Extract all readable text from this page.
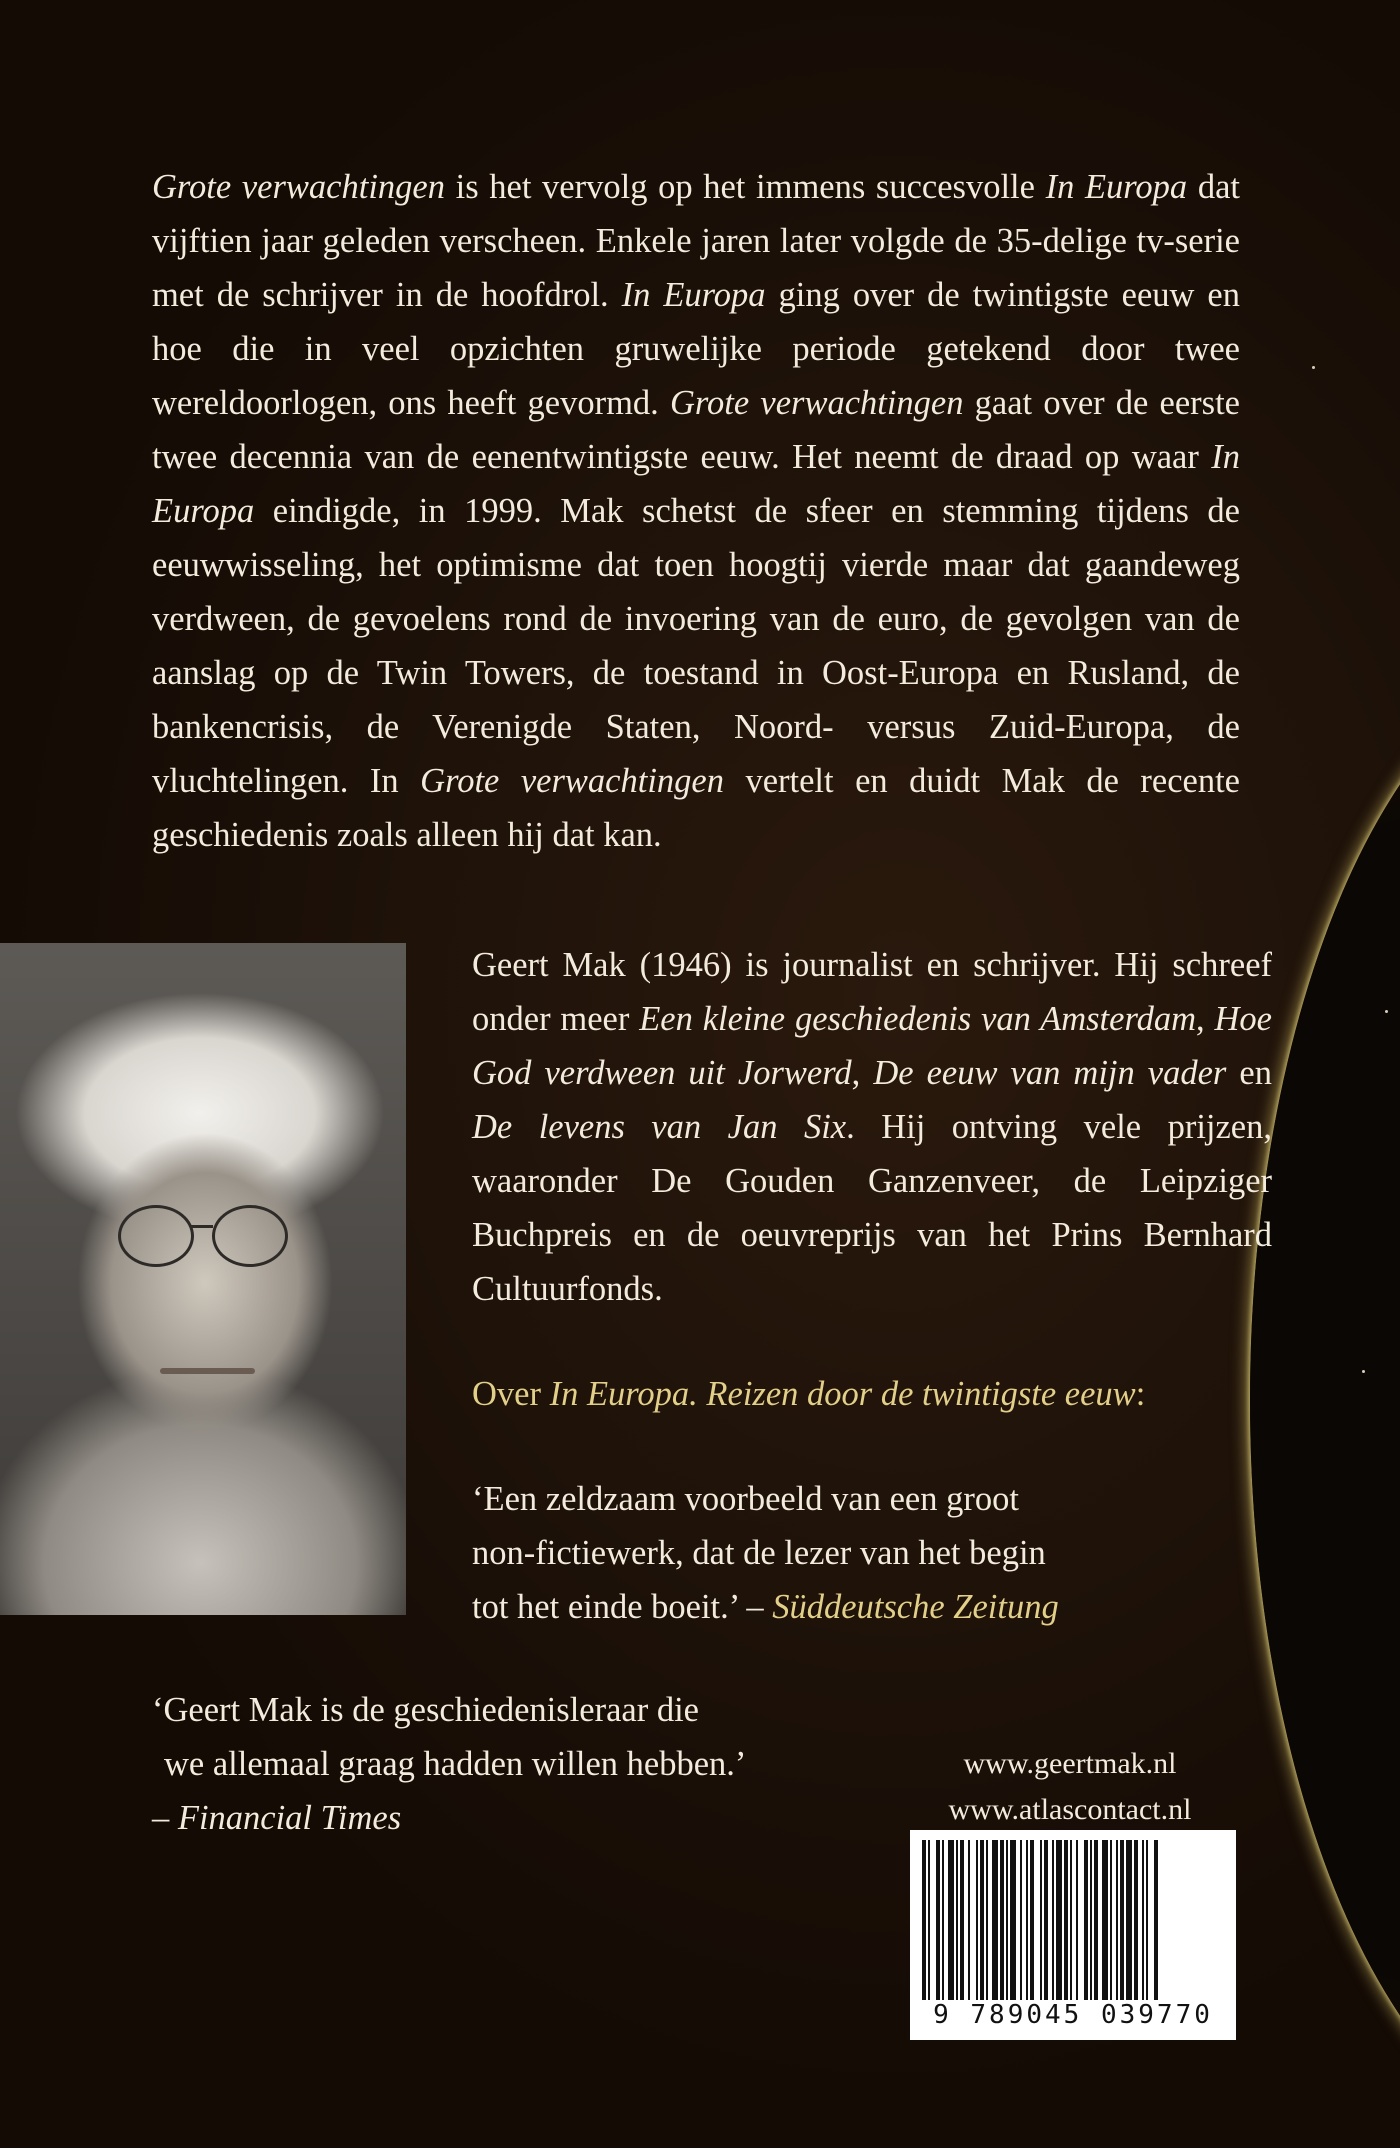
Grote verwachtingen is het vervolg op het immens succesvolle In Europa dat vijftien jaar geleden verscheen. Enkele jaren later volgde de 35-delige tv-serie met de schrijver in de hoofdrol. In Europa ging over de twintigste eeuw en hoe die in veel opzichten gruwelijke periode getekend door twee wereldoorlogen, ons heeft gevormd. Grote verwachtingen gaat over de eerste twee decennia van de eenentwintigste eeuw. Het neemt de draad op waar In Europa eindigde, in 1999. Mak schetst de sfeer en stemming tijdens de eeuwwisseling, het optimisme dat toen hoogtij vierde maar dat gaandeweg verdween, de gevoelens rond de invoering van de euro, de gevolgen van de aanslag op de Twin Towers, de toestand in Oost-Europa en Rusland, de bankencrisis, de Verenigde Staten, Noord- versus Zuid-Europa, de vluchtelingen. In Grote verwachtingen vertelt en duidt Mak de recente geschiedenis zoals alleen hij dat kan.

Geert Mak (1946) is journalist en schrijver. Hij schreef onder meer Een kleine geschiedenis van Amsterdam, Hoe God verdween uit Jorwerd, De eeuw van mijn vader en De levens van Jan Six. Hij ontving vele prijzen, waaronder De Gouden Ganzenveer, de Leipziger Buchpreis en de oeuvreprijs van het Prins Bernhard Cultuurfonds.

Over In Europa. Reizen door de twintigste eeuw:
‘Een zeldzaam voorbeeld van een groot
non-fictiewerk, dat de lezer van het begin
tot het einde boeit.’ – Süddeutsche Zeitung
‘Geert Mak is de geschiedenisleraar die
we allemaal graag hadden willen hebben.’
– Financial Times
www.geertmak.nl
www.atlascontact.nl
9 789045 039770
